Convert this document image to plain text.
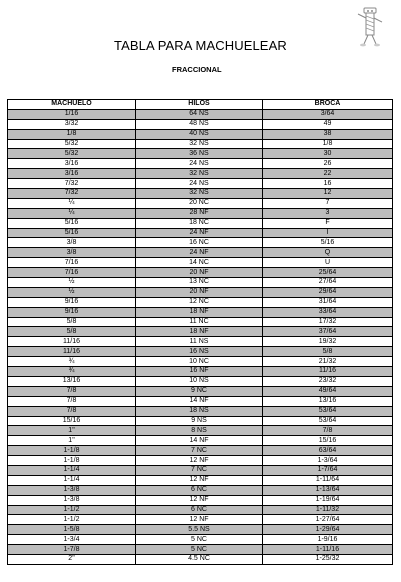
TABLA PARA MACHUELEAR
FRACCIONAL
MACHUELO	HILOS	BROCA
1/16	64 NS	3/64
3/32	48 NS	49
1/8	40 NS	38
5/32	32 NS	1/8
5/32	36 NS	30
3/16	24 NS	26
3/16	32 NS	22
7/32	24 NS	16
7/32	32 NS	12
¼	20 NC	7
¼	28 NF	3
5/16	18 NC	F
5/16	24 NF	I
3/8	16 NC	5/16
3/8	24 NF	Q
7/16	14 NC	U
7/16	20 NF	25/64
½	13 NC	27/64
½	20 NF	29/64
9/16	12 NC	31/64
9/16	18 NF	33/64
5/8	11 NC	17/32
5/8	18 NF	37/64
11/16	11 NS	19/32
11/16	16 NS	5/8
¾	10 NC	21/32
¾	16 NF	11/16
13/16	10 NS	23/32
7/8	9 NC	49/64
7/8	14 NF	13/16
7/8	18 NS	53/64
15/16	9 NS	53/64
1"	8 NS	7/8
1"	14 NF	15/16
1-1/8	7 NC	63/64
1-1/8	12 NF	1-3/64
1-1/4	7 NC	1-7/64
1-1/4	12 NF	1-11/64
1-3/8	6 NC	1-13/64
1-3/8	12 NF	1-19/64
1-1/2	6 NC	1-11/32
1-1/2	12 NF	1-27/64
1-5/8	5.5 NS	1-29/64
1-3/4	5 NC	1-9/16
1-7/8	5 NC	1-11/16
2"	4.5 NC	1-25/32
